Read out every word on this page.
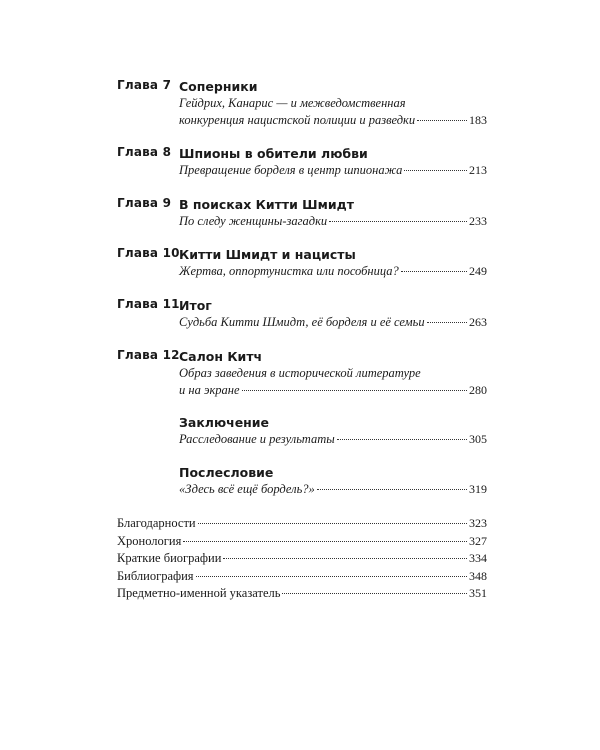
Глава 7 Соперники
Гейдрих, Канарис — и межведомственная
конкуренция нацистской полиции и разведки	183
Глава 8 Шпионы в обители любви
Превращение борделя в центр шпионажа	213
Глава 9 В поисках Китти Шмидт
По следу женщины-загадки	233
Глава 10 Китти Шмидт и нацисты
Жертва, оппортунистка или пособница?	249
Глава 11 Итог
Судьба Китти Шмидт, её борделя и её семьи	263
Глава 12 Салон Китч
Образ заведения в исторической литературе
и на экране	280
Заключение
Расследование и результаты	305
Послесловие
«Здесь всё ещё бордель?»	319
Благодарности	323
Хронология	327
Краткие биографии	334
Библиография	348
Предметно-именной указатель	351
